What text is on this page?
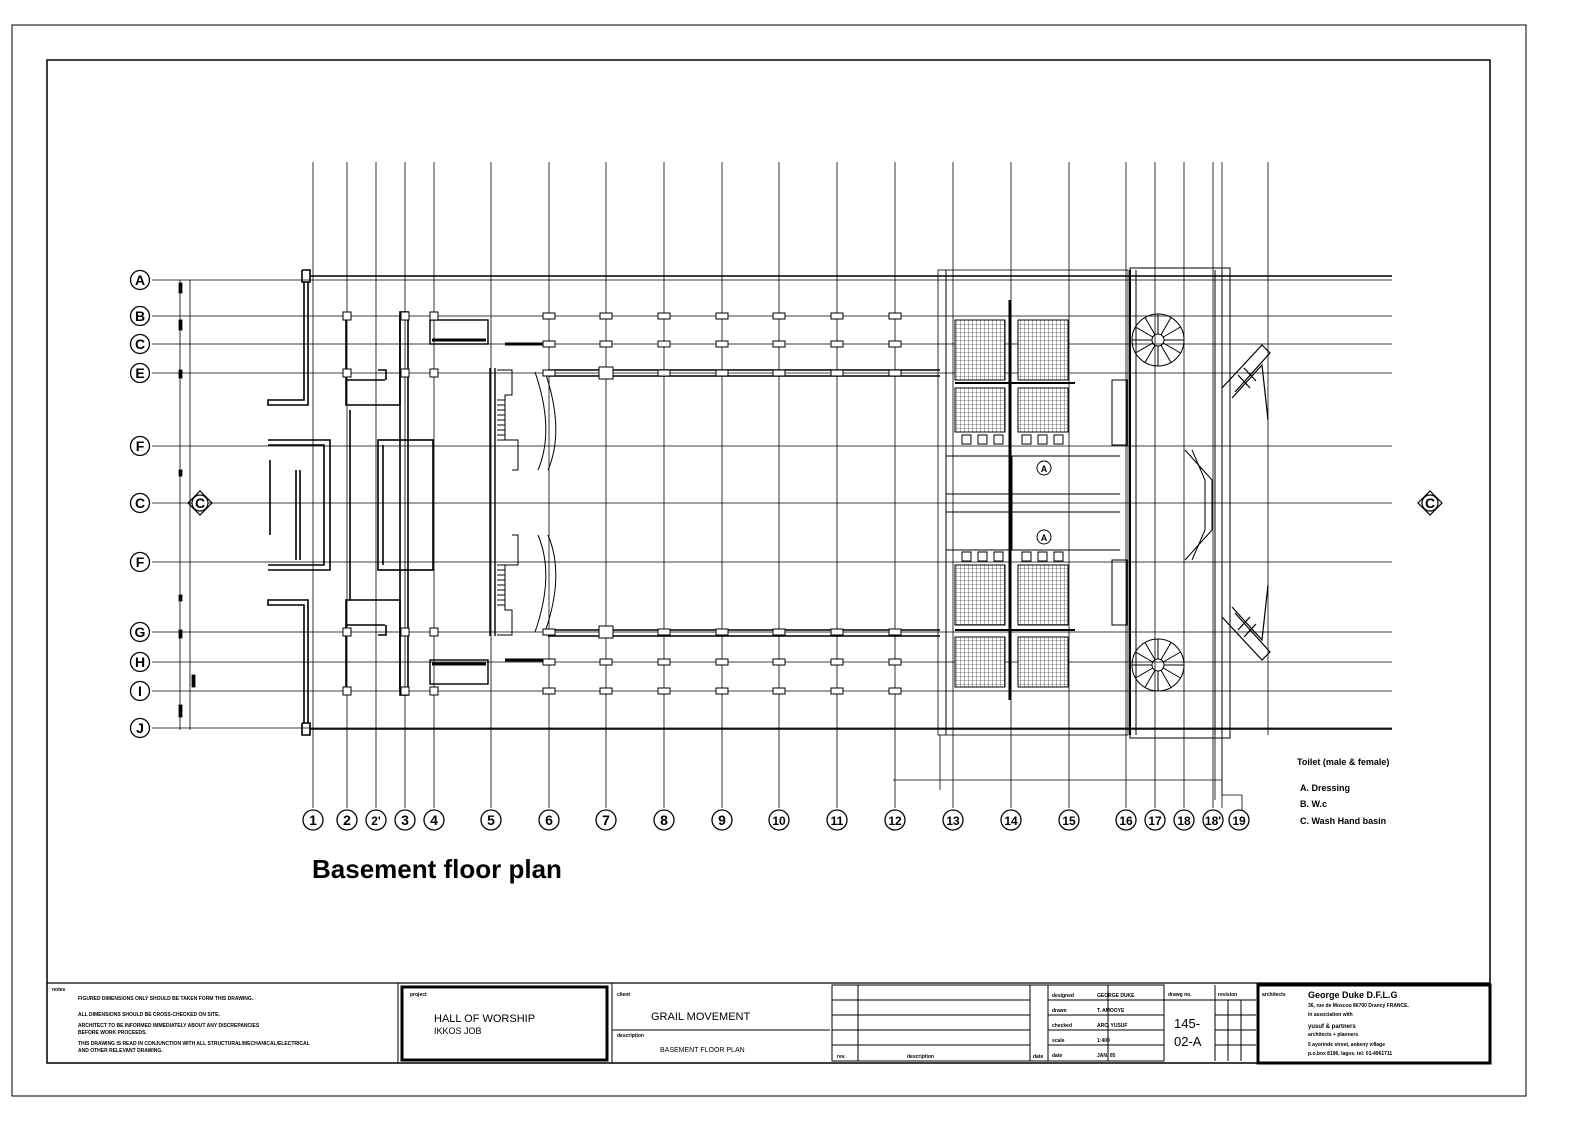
A
B
C
E
F
C
F
G
H
I
J
1 2 2' 3 4	5	6	7	8	9	10	11	12	13	14	15	16 17 18 18' 19
C	C
A
A
Basement floor plan
Toilet (male & female)
A. Dressing
B. W.c
C. Wash Hand basin
notes
FIGURED DIMENSIONS ONLY SHOULD BE TAKEN FORM THIS DRAWING.
ALL DIMENSIONS SHOULD BE CROSS-CHECKED ON SITE.
ARCHITECT TO BE INFORMED IMMEDIATELY ABOUT ANY DISCREPANCIES
BEFORE WORK PROCEEDS.
THIS DRAWING IS READ IN CONJUNCTION WITH ALL STRUCTURAL/MECHANICAL/ELECTRICAL
AND OTHER RELEVANT DRAWING.
project
HALL OF WORSHIP
IKKOS JOB
client
GRAIL MOVEMENT
description
BASEMENT FLOOR PLAN
rev.	description	date
designed	GEORGE DUKE
drawn	T. AMOOYE
checked	ARC. YUSUF
scale	1:400
date	JAN. 05
drawg no.
145-
02-A
revision	architects George Duke D.F.L.G
36, rue de Moscou 86700 Drancy FRANCE.
in association with
yusuf & partners
architects + planners
5 ayorinde street, ankeny village
p.o.box 8196, lagos. tel: 01-4961711
